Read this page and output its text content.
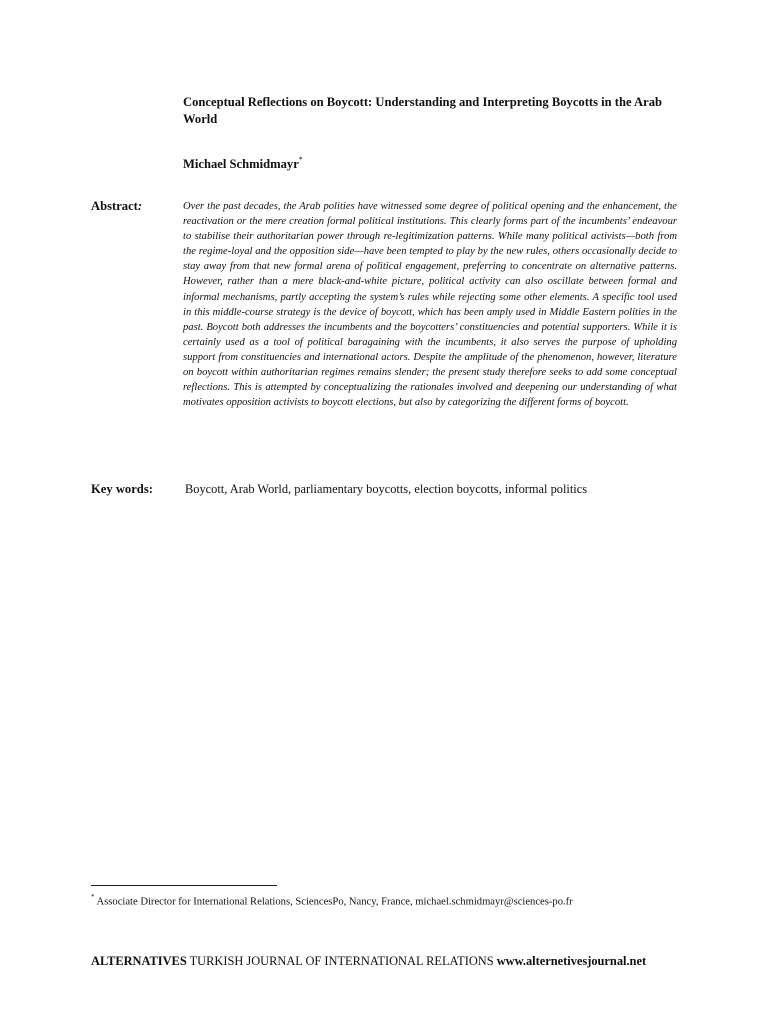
Conceptual Reflections on Boycott: Understanding and Interpreting Boycotts in the Arab World
Michael Schmidmayr*
Abstract:	Over the past decades, the Arab polities have witnessed some degree of political opening and the enhancement, the reactivation or the mere creation formal political institutions. This clearly forms part of the incumbents’ endeavour to stabilise their authoritarian power through re-legitimization patterns. While many political activists—both from the regime-loyal and the opposition side—have been tempted to play by the new rules, others occasionally decide to stay away from that new formal arena of political engagement, preferring to concentrate on alternative patterns. However, rather than a mere black-and-white picture, political activity can also oscillate between formal and informal mechanisms, partly accepting the system’s rules while rejecting some other elements. A specific tool used in this middle-course strategy is the device of boycott, which has been amply used in Middle Eastern polities in the past. Boycott both addresses the incumbents and the boycotters’ constituencies and potential supporters. While it is certainly used as a tool of political baragaining with the incumbents, it also serves the purpose of upholding support from constituencies and international actors. Despite the amplitude of the phenomenon, however, literature on boycott within authoritarian regimes remains slender; the present study therefore seeks to add some conceptual reflections. This is attempted by conceptualizing the rationales involved and deepening our understanding of what motivates opposition activists to boycott elections, but also by categorizing the different forms of boycott.

Key words:	Boycott, Arab World, parliamentary boycotts, election boycotts, informal politics
* Associate Director for International Relations, SciencesPo, Nancy, France, michael.schmidmayr@sciences-po.fr
ALTERNATIVES TURKISH JOURNAL OF INTERNATIONAL RELATIONS www.alternetivesjournal.net
